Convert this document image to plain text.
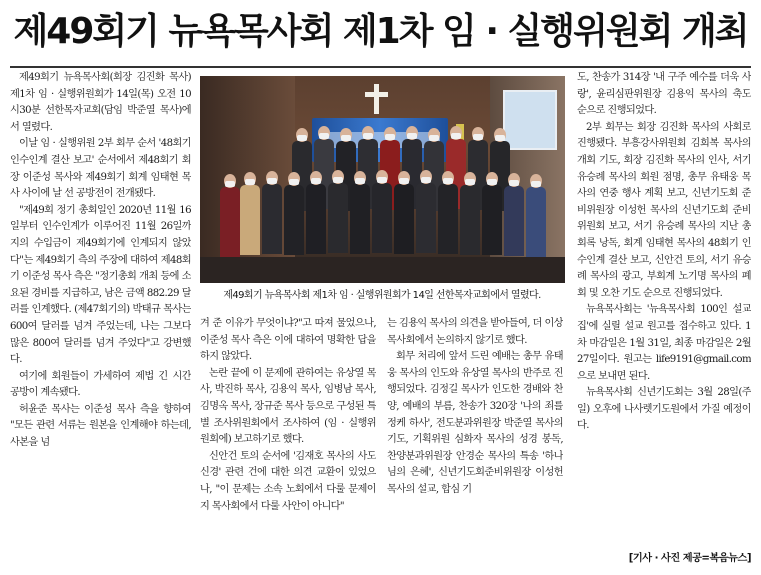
제49회기 뉴욕목사회 제1차 임 · 실행위원회 개최

제49회기 뉴욕목사회(회장 김진화 목사) 제1차 임 · 실행위원회가 14일(목) 오전 10시30분 선한목자교회(담임 박준열 목사)에서 열렸다.

이날 임 · 실행위원 2부 회무 순서 '48회기 인수인계 결산 보고' 순서에서 제48회기 회장 이준성 목사와 제49회기 회계 임태현 목사 사이에 날 선 공방전이 전개됐다.

"제49회 정기 총회일인 2020년 11월 16일부터 인수인계가 이루어진 11월 26일까지의 수입금이 제49회기에 인계되지 않았다"는 제49회기 측의 주장에 대하여 제48회기 이준성 목사 측은 "정기총회 개최 등에 소요된 경비를 지급하고, 남은 금액 882.29 달러를 인계했다. (제47회기의) 박태규 목사는 600여 달러를 넘겨 주었는데, 나는 그보다 많은 800여 달러를 넘겨 주었다"고 강변했다.

여기에 회원들이 가세하여 제법 긴 시간 공방이 계속됐다.

허윤준 목사는 이준성 목사 측을 향하여 "모든 관련 서류는 원본을 인계해야 하는데, 사본을 넘

제49회기 뉴욕목사회 제1차 임 · 실행위원회가 14일 선한목자교회에서 열렸다.

겨 준 이유가 무엇이냐?"고 따져 물었으나, 이준성 목사 측은 이에 대하여 명확한 답을 하지 않았다.

논란 끝에 이 문제에 관하여는 유상열 목사, 박진하 목사, 김용익 목사, 임병남 목사, 김명옥 목사, 장규준 목사 등으로 구성된 특별 조사위원회에서 조사하여 (임 · 실행위원회에) 보고하기로 했다.

신안건 토의 순서에 '김재호 목사의 사도신경' 관련 건에 대한 의견 교환이 있었으나, "이 문제는 소속 노회에서 다룰 문제이지 목사회에서 다룰 사안이 아니다"

는 김용익 목사의 의견을 받아들여, 더 이상 목사회에서 논의하지 않기로 했다.

회무 처리에 앞서 드린 예배는 총무 유태웅 목사의 인도와 유상열 목사의 반주로 진행되었다. 김정길 목사가 인도한 경배와 찬양, 예배의 부름, 찬송가 320장 '나의 죄를 정케 하사', 전도분과위원장 박준열 목사의 기도, 기획위원 심화자 목사의 성경 봉독, 찬양분과위원장 안경순 목사의 특송 '하나님의 은혜', 신년기도회준비위원장 이성헌 목사의 설교, 합심 기

도, 찬송가 314장 '내 구주 예수를 더욱 사랑', 윤리심판위원장 김용익 목사의 축도 순으로 진행되었다.

2부 회무는 회장 김진화 목사의 사회로 진행됐다. 부흥강사위원회 김희복 목사의 개회 기도, 회장 김진화 목사의 인사, 서기 유승례 목사의 회원 점명, 총무 유태웅 목사의 연중 행사 계획 보고, 신년기도회 준비위원장 이성헌 목사의 신년기도회 준비위원회 보고, 서기 유승례 목사의 지난 총회록 낭독, 회계 임태현 목사의 48회기 인수인계 결산 보고, 신안건 토의, 서기 유승례 목사의 광고, 부회계 노기명 목사의 폐회 및 오찬 기도 순으로 진행되었다.

뉴욕목사회는 '뉴욕목사회 100인 설교집'에 실릴 설교 원고를 접수하고 있다. 1차 마감일은 1월 31일, 최종 마감일은 2월 27일이다. 원고는 life9191@gmail.com으로 보내면 된다.

뉴욕목사회 신년기도회는 3월 28일(주일) 오후에 나사렛기도원에서 가질 예정이다.

[기사 · 사진 제공=복음뉴스]
